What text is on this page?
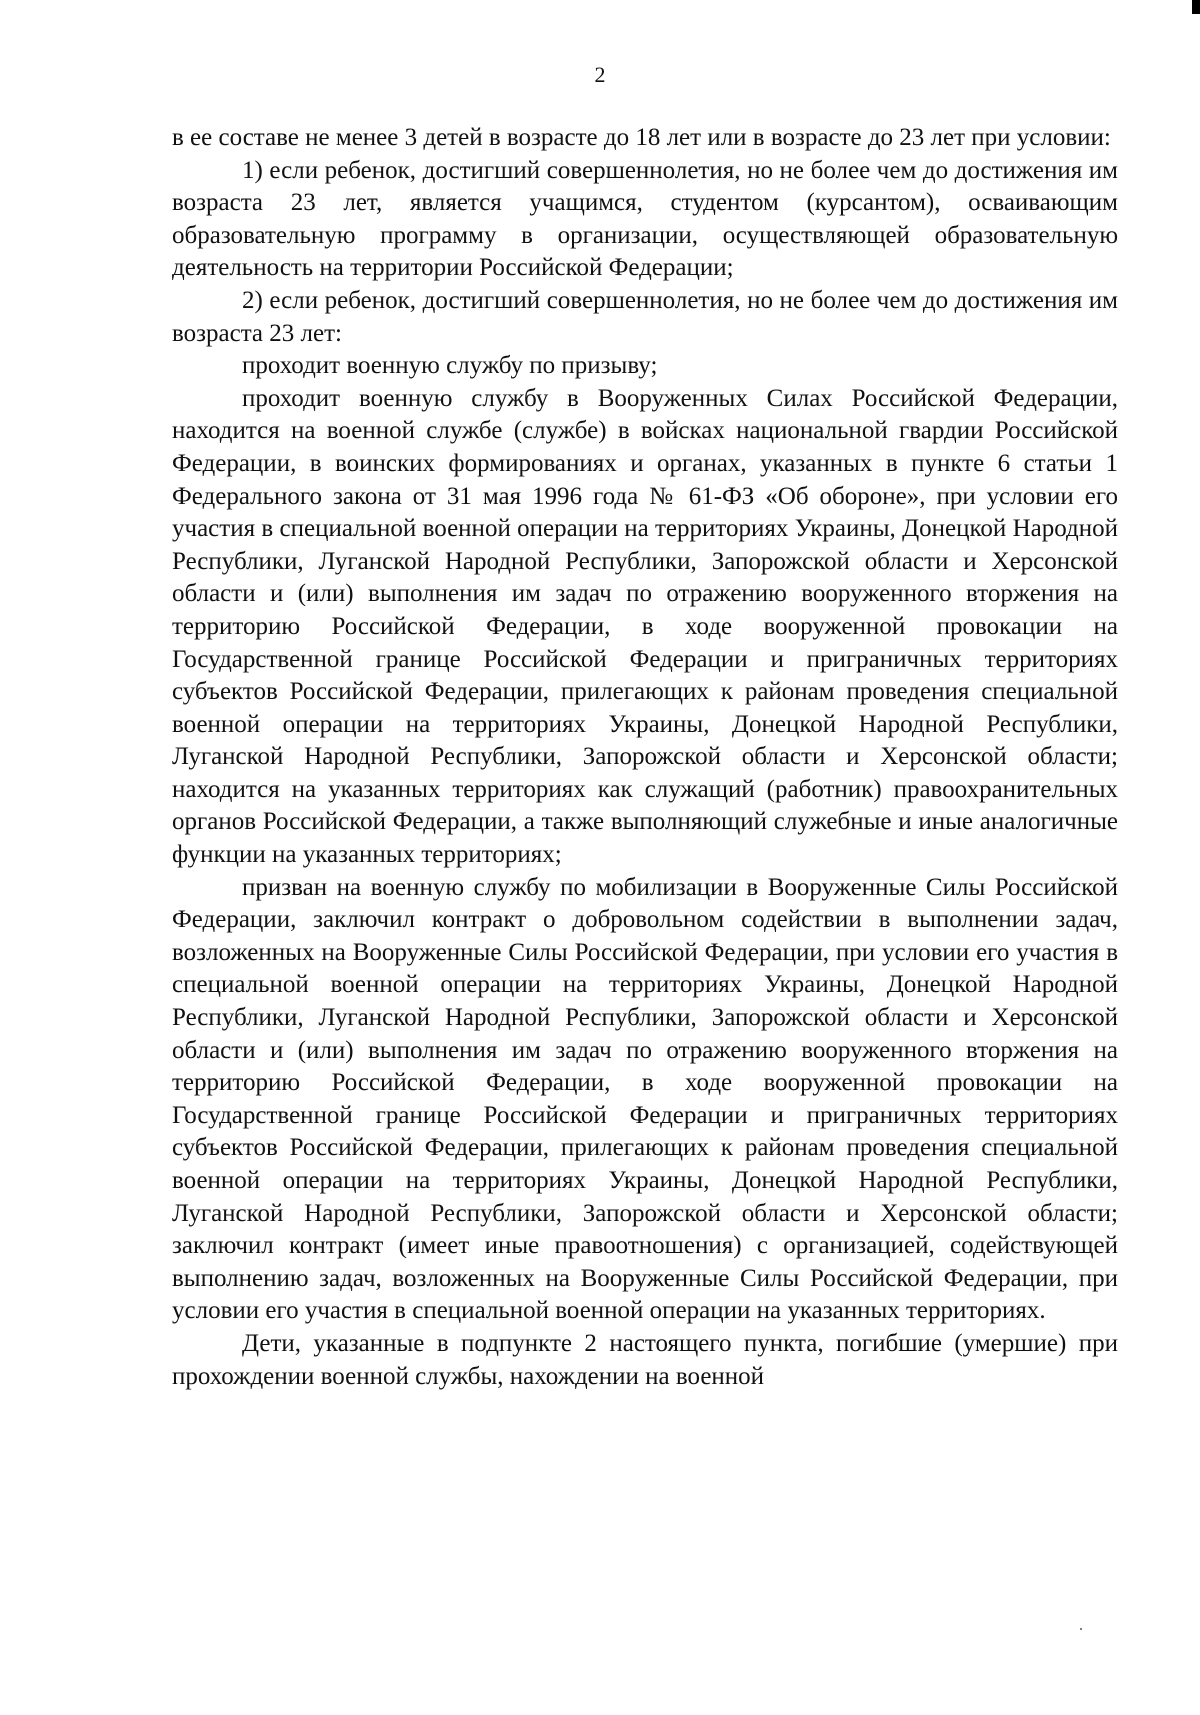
2

в ее составе не менее 3 детей в возрасте до 18 лет или в возрасте до 23 лет при условии:

1) если ребенок, достигший совершеннолетия, но не более чем до достижения им возраста 23 лет, является учащимся, студентом (курсантом), осваивающим образовательную программу в организации, осуществляющей образовательную деятельность на территории Российской Федерации;

2) если ребенок, достигший совершеннолетия, но не более чем до достижения им возраста 23 лет:

проходит военную службу по призыву;

проходит военную службу в Вооруженных Силах Российской Федерации, находится на военной службе (службе) в войсках национальной гвардии Российской Федерации, в воинских формированиях и органах, указанных в пункте 6 статьи 1 Федерального закона от 31 мая 1996 года № 61-ФЗ «Об обороне», при условии его участия в специальной военной операции на территориях Украины, Донецкой Народной Республики, Луганской Народной Республики, Запорожской области и Херсонской области и (или) выполнения им задач по отражению вооруженного вторжения на территорию Российской Федерации, в ходе вооруженной провокации на Государственной границе Российской Федерации и приграничных территориях субъектов Российской Федерации, прилегающих к районам проведения специальной военной операции на территориях Украины, Донецкой Народной Республики, Луганской Народной Республики, Запорожской области и Херсонской области; находится на указанных территориях как служащий (работник) правоохранительных органов Российской Федерации, а также выполняющий служебные и иные аналогичные функции на указанных территориях;

призван на военную службу по мобилизации в Вооруженные Силы Российской Федерации, заключил контракт о добровольном содействии в выполнении задач, возложенных на Вооруженные Силы Российской Федерации, при условии его участия в специальной военной операции на территориях Украины, Донецкой Народной Республики, Луганской Народной Республики, Запорожской области и Херсонской области и (или) выполнения им задач по отражению вооруженного вторжения на территорию Российской Федерации, в ходе вооруженной провокации на Государственной границе Российской Федерации и приграничных территориях субъектов Российской Федерации, прилегающих к районам проведения специальной военной операции на территориях Украины, Донецкой Народной Республики, Луганской Народной Республики, Запорожской области и Херсонской области; заключил контракт (имеет иные правоотношения) с организацией, содействующей выполнению задач, возложенных на Вооруженные Силы Российской Федерации, при условии его участия в специальной военной операции на указанных территориях.

Дети, указанные в подпункте 2 настоящего пункта, погибшие (умершие) при прохождении военной службы, нахождении на военной
